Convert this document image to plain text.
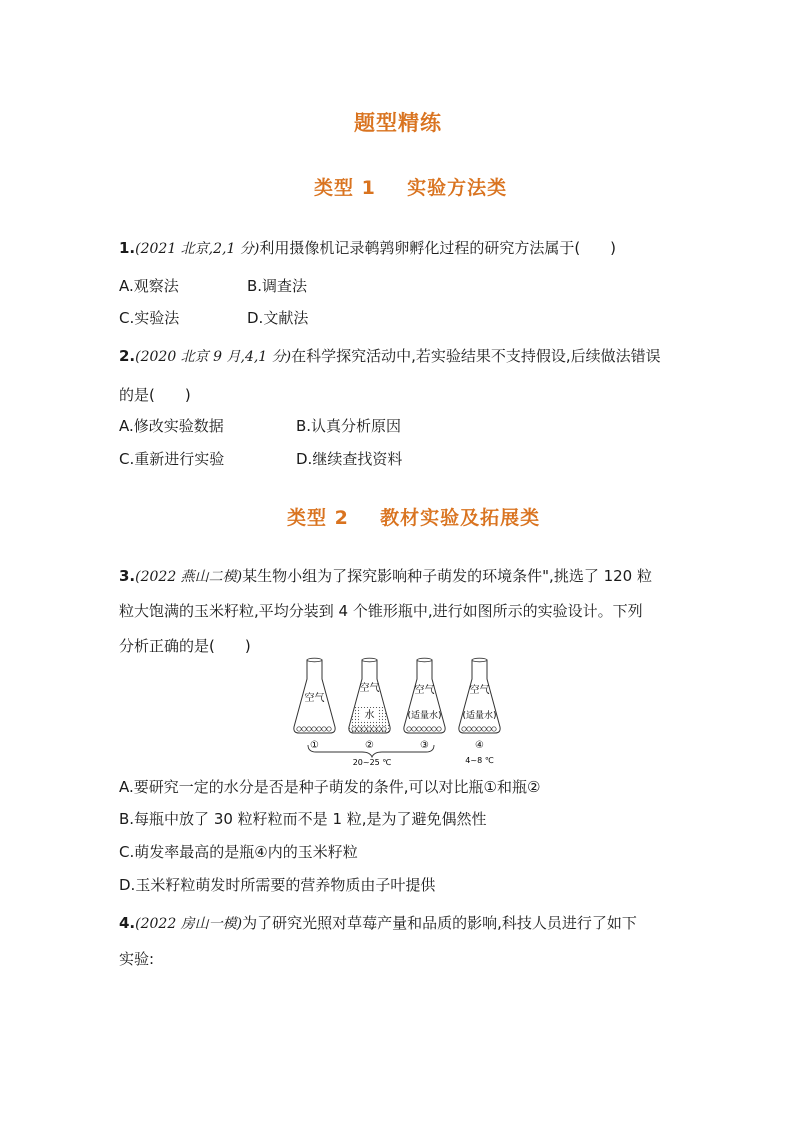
题型精练
类型 1 实验方法类
1.(2021 北京,2,1 分)利用摄像机记录鹌鹑卵孵化过程的研究方法属于(　　)
A.观察法	B.调查法
C.实验法	D.文献法
2.(2020 北京 9 月,4,1 分)在科学探究活动中,若实验结果不支持假设,后续做法错误
的是(　　)
A.修改实验数据	B.认真分析原因
C.重新进行实验	D.继续查找资料
类型 2 教材实验及拓展类
3.(2022 燕山二模)某生物小组为了探究影响种子萌发的环境条件",挑选了 120 粒
粒大饱满的玉米籽粒,平均分装到 4 个锥形瓶中,进行如图所示的实验设计。下列
分析正确的是(　　)
空气
①
空气
水
②
空气
(适量水)
③
空气
(适量水)
④
20~25 ℃	4~8 ℃
A.要研究一定的水分是否是种子萌发的条件,可以对比瓶①和瓶②
B.每瓶中放了 30 粒籽粒而不是 1 粒,是为了避免偶然性
C.萌发率最高的是瓶④内的玉米籽粒
D.玉米籽粒萌发时所需要的营养物质由子叶提供
4.(2022 房山一模)为了研究光照对草莓产量和品质的影响,科技人员进行了如下
实验:
